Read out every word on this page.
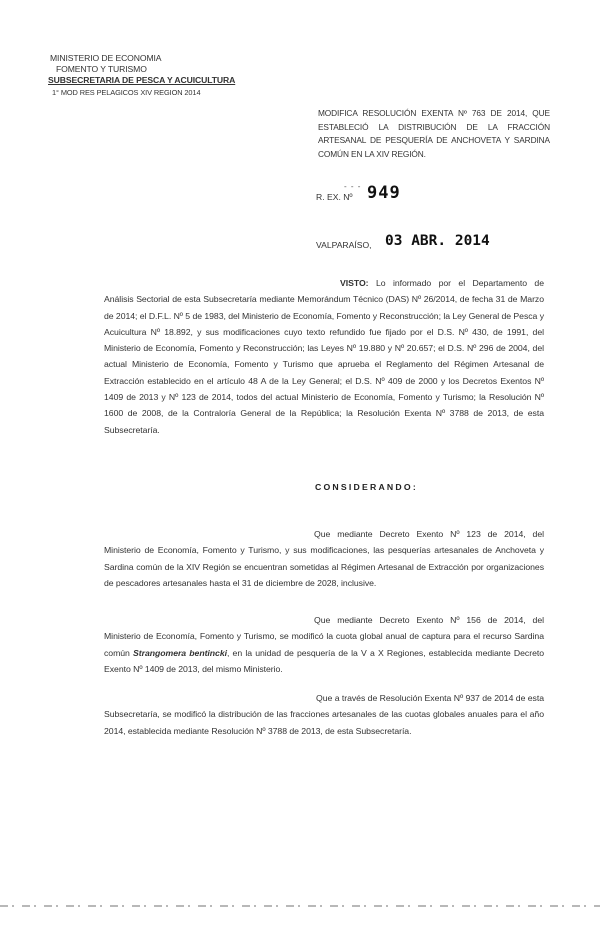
MINISTERIO DE ECONOMIA
FOMENTO Y TURISMO
SUBSECRETARIA DE PESCA Y ACUICULTURA
1° MOD RES PELAGICOS XIV REGION 2014
MODIFICA RESOLUCIÓN EXENTA Nº 763 DE 2014, QUE ESTABLECIÓ LA DISTRIBUCIÓN DE LA FRACCIÓN ARTESANAL DE PESQUERÍA DE ANCHOVETA Y SARDINA COMÚN EN LA XIV REGIÓN.
R. EX. Nº
- - - 949
VALPARAÍSO, 03 ABR. 2014
VISTO: Lo informado por el Departamento de Análisis Sectorial de esta Subsecretaría mediante Memorándum Técnico (DAS) Nº 26/2014, de fecha 31 de Marzo de 2014; el D.F.L. Nº 5 de 1983, del Ministerio de Economía, Fomento y Reconstrucción; la Ley General de Pesca y Acuicultura Nº 18.892, y sus modificaciones cuyo texto refundido fue fijado por el D.S. Nº 430, de 1991, del Ministerio de Economía, Fomento y Reconstrucción; las Leyes Nº 19.880 y Nº 20.657; el D.S. Nº 296 de 2004, del actual Ministerio de Economía, Fomento y Turismo que aprueba el Reglamento del Régimen Artesanal de Extracción establecido en el artículo 48 A de la Ley General; el D.S. Nº 409 de 2000 y los Decretos Exentos Nº 1409 de 2013 y Nº 123 de 2014, todos del actual Ministerio de Economía, Fomento y Turismo; la Resolución Nº 1600 de 2008, de la Contraloría General de la República; la Resolución Exenta Nº 3788 de 2013, de esta Subsecretaría.
CONSIDERANDO:
Que mediante Decreto Exento Nº 123 de 2014, del Ministerio de Economía, Fomento y Turismo, y sus modificaciones, las pesquerías artesanales de Anchoveta y Sardina común de la XIV Región se encuentran sometidas al Régimen Artesanal de Extracción por organizaciones de pescadores artesanales hasta el 31 de diciembre de 2028, inclusive.
Que mediante Decreto Exento Nº 156 de 2014, del Ministerio de Economía, Fomento y Turismo, se modificó la cuota global anual de captura para el recurso Sardina común Strangomera bentincki, en la unidad de pesquería de la V a X Regiones, establecida mediante Decreto Exento Nº 1409 de 2013, del mismo Ministerio.
Que a través de Resolución Exenta Nº 937 de 2014 de esta Subsecretaría, se modificó la distribución de las fracciones artesanales de las cuotas globales anuales para el año 2014, establecida mediante Resolución Nº 3788 de 2013, de esta Subsecretaría.
